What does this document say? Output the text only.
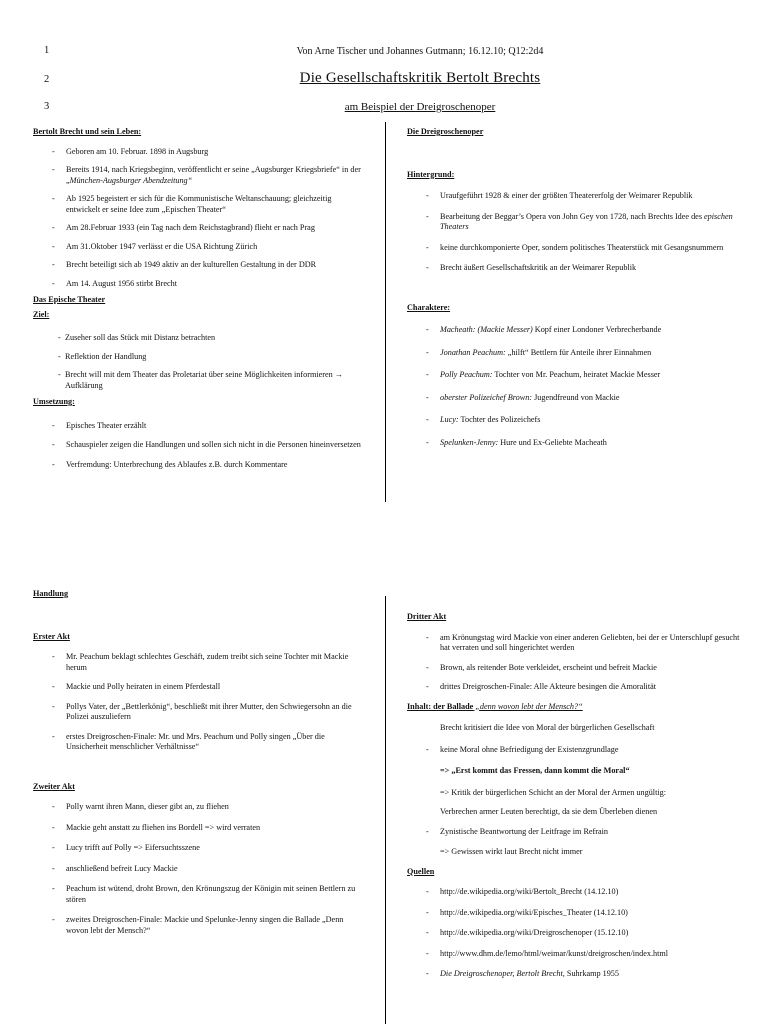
1
2
3
Von Arne Tischer und Johannes Gutmann; 16.12.10; Q12:2d4
Die Gesellschaftskritik Bertolt Brechts
am Beispiel der Dreigroschenoper

Bertolt Brecht und sein Leben:

- Geboren am 10. Februar. 1898 in Augsburg
- Bereits 1914, nach Kriegsbeginn, veröffentlicht er seine „Augsburger Kriegsbriefe“ in der „München-Augsburger Abendzeitung“
- Ab 1925 begeistert er sich für die Kommunistische Weltanschauung; gleichzeitig entwickelt er seine Idee zum „Epischen Theater“
- Am 28.Februar 1933 (ein Tag nach dem Reichstagbrand) flieht er nach Prag
- Am 31.Oktober 1947 verlässt er die USA Richtung Zürich
- Brecht beteiligt sich ab 1949 aktiv an der kulturellen Gestaltung in der DDR
- Am 14. August 1956 stirbt Brecht

Das Epische Theater

Ziel:

- Zuseher soll das Stück mit Distanz betrachten
- Reflektion der Handlung
- Brecht will mit dem Theater das Proletariat über seine Möglichkeiten informieren → Aufklärung

Umsetzung:

- Episches Theater erzählt
- Schauspieler zeigen die Handlungen und sollen sich nicht in die Personen hineinversetzen
- Verfremdung: Unterbrechung des Ablaufes z.B. durch Kommentare

Die Dreigroschenoper

Hintergrund:

- Uraufgeführt 1928 & einer der größten Theatererfolg der Weimarer Republik
- Bearbeitung der Beggar’s Opera von John Gey von 1728, nach Brechts Idee des epischen Theaters
- keine durchkomponierte Oper, sondern politisches Theaterstück mit Gesangsnummern
- Brecht äußert Gesellschaftskritik an der Weimarer Republik

Charaktere:

- Macheath: (Mackie Messer) Kopf einer Londoner Verbrecherbande
- Jonathan Peachum: „hilft“ Bettlern für Anteile ihrer Einnahmen
- Polly Peachum: Tochter von Mr. Peachum, heiratet Mackie Messer
- oberster Polizeichef Brown: Jugendfreund von Mackie
- Lucy: Tochter des Polizeichefs
- Spelunken-Jenny: Hure und Ex-Geliebte Macheath

Handlung

Erster Akt

- Mr. Peachum beklagt schlechtes Geschäft, zudem treibt sich seine Tochter mit Mackie herum
- Mackie und Polly heiraten in einem Pferdestall
- Pollys Vater, der „Bettlerkönig“, beschließt mit ihrer Mutter, den Schwiegersohn an die Polizei auszuliefern
- erstes Dreigroschen-Finale: Mr. und Mrs. Peachum und Polly singen „Über die Unsicherheit menschlicher Verhältnisse“

Zweiter Akt

- Polly warnt ihren Mann, dieser gibt an, zu fliehen
- Mackie geht anstatt zu fliehen ins Bordell => wird verraten
- Lucy trifft auf Polly => Eifersuchtsszene
- anschließend befreit Lucy Mackie
- Peachum ist wütend, droht Brown, den Krönungszug der Königin mit seinen Bettlern zu stören
- zweites Dreigroschen-Finale: Mackie und Spelunke-Jenny singen die Ballade „Denn wovon lebt der Mensch?“

Dritter Akt

- am Krönungstag wird Mackie von einer anderen Geliebten, bei der er Unterschlupf gesucht hat verraten und soll hingerichtet werden
- Brown, als reitender Bote verkleidet, erscheint und befreit Mackie
- drittes Dreigroschen-Finale: Alle Akteure besingen die Amoralität

Inhalt: der Ballade „denn wovon lebt der Mensch?“

Brecht kritisiert die Idee von Moral der bürgerlichen Gesellschaft

- keine Moral ohne Befriedigung der Existenzgrundlage

=> „Erst kommt das Fressen, dann kommt die Moral“

=> Kritik der bürgerlichen Schicht an der Moral der Armen ungültig:

Verbrechen armer Leuten berechtigt, da sie dem Überleben dienen

- Zynistische Beantwortung der Leitfrage im Refrain

=> Gewissen wirkt laut Brecht nicht immer

Quellen

- http://de.wikipedia.org/wiki/Bertolt_Brecht (14.12.10)
- http://de.wikipedia.org/wiki/Episches_Theater (14.12.10)
- http://de.wikipedia.org/wiki/Dreigroschenoper (15.12.10)
- http://www.dhm.de/lemo/html/weimar/kunst/dreigroschen/index.html
- Die Dreigroschenoper, Bertolt Brecht, Suhrkamp 1955
